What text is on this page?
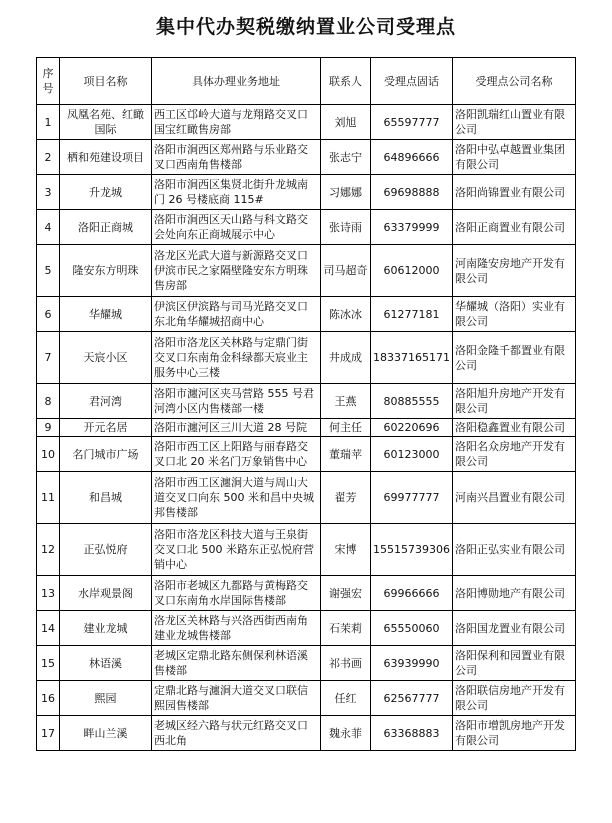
集中代办契税缴纳置业公司受理点
序号	项目名称	具体办理业务地址	联系人	受理点固话	受理点公司名称
1	凤凰名苑、红瞰国际	西工区邙岭大道与龙翔路交叉口国宝红瞰售房部	刘旭	65597777	洛阳凯瑞红山置业有限公司
2	栖和苑建设项目	洛阳市涧西区郑州路与乐业路交叉口西南角售楼部	张志宁	64896666	洛阳中弘卓越置业集团有限公司
3	升龙城	洛阳市涧西区集贤北街升龙城南门 26 号楼底商 115#	习娜娜	69698888	洛阳尚锦置业有限公司
4	洛阳正商城	洛阳市涧西区天山路与科文路交会处向东正商城展示中心	张诗雨	63379999	洛阳正商置业有限公司
5	隆安东方明珠	洛龙区光武大道与新源路交叉口伊滨市民之家隔壁隆安东方明珠售房部	司马超奇	60612000	河南隆安房地产开发有限公司
6	华耀城	伊滨区伊滨路与司马光路交叉口东北角华耀城招商中心	陈冰冰	61277181	华耀城（洛阳）实业有限公司
7	天宸小区	洛阳市洛龙区关林路与定鼎门街交叉口东南角金科绿都天宸业主服务中心三楼	井成成	18337165171	洛阳金隆千都置业有限公司
8	君河湾	洛阳市瀍河区夹马营路 555 号君河湾小区内售楼部一楼	王燕	80885555	洛阳旭升房地产开发有限公司
9	开元名居	洛阳市瀍河区三川大道 28 号院	何主任	60220696	洛阳稳鑫置业有限公司
10	名门城市广场	洛阳市西工区上阳路与丽春路交叉口北 20 米名门万象销售中心	董瑞苹	60123000	洛阳名众房地产开发有限公司
11	和昌城	洛阳市西工区瀍涧大道与周山大道交叉口向东 500 米和昌中央城邦售楼部	翟芳	69977777	河南兴昌置业有限公司
12	正弘悦府	洛阳市洛龙区科技大道与王泉街交叉口北 500 米路东正弘悦府营销中心	宋博	15515739306	洛阳正弘实业有限公司
13	水岸观景阁	洛阳市老城区九都路与黄梅路交叉口东南角水岸国际售楼部	谢强宏	69966666	洛阳博勋地产有限公司
14	建业龙城	洛龙区关林路与兴洛西街西南角建业龙城售楼部	石茉莉	65550060	洛阳国龙置业有限公司
15	林语溪	老城区定鼎北路东侧保利林语溪售楼部	祁书画	63939990	洛阳保利和园置业有限公司
16	熙园	定鼎北路与瀍涧大道交叉口联信熙园售楼部	任红	62567777	洛阳联信房地产开发有限公司
17	畔山兰溪	老城区经六路与状元红路交叉口西北角	魏永菲	63368883	洛阳市增凯房地产开发有限公司
